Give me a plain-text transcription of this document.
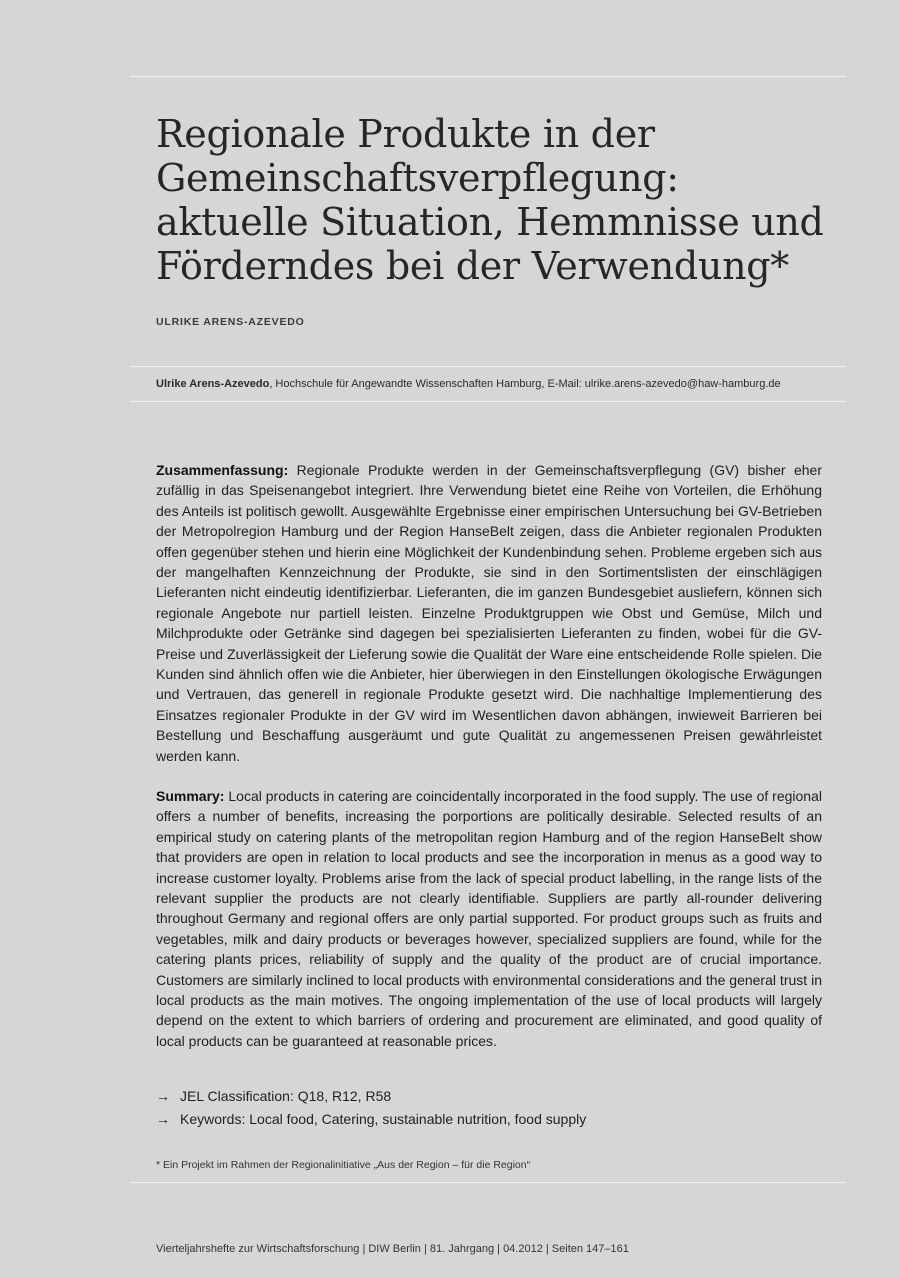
Regionale Produkte in der
Gemeinschaftsverpflegung:
aktuelle Situation, Hemmnisse und
Förderndes bei der Verwendung*
ULRIKE ARENS-AZEVEDO
Ulrike Arens-Azevedo, Hochschule für Angewandte Wissenschaften Hamburg, E-Mail: ulrike.arens-azevedo@haw-hamburg.de

Zusammenfassung: Regionale Produkte werden in der Gemeinschaftsverpflegung (GV) bisher eher zufällig in das Speisenangebot integriert. Ihre Verwendung bietet eine Reihe von Vorteilen, die Erhöhung des Anteils ist politisch gewollt. Ausgewählte Ergebnisse einer empirischen Untersuchung bei GV-Betrieben der Metropolregion Hamburg und der Region HanseBelt zeigen, dass die Anbieter regionalen Produkten offen gegenüber stehen und hierin eine Möglichkeit der Kundenbindung sehen. Probleme ergeben sich aus der mangelhaften Kennzeichnung der Produkte, sie sind in den Sortimentslisten der einschlägigen Lieferanten nicht eindeutig identifizierbar. Lieferanten, die im ganzen Bundesgebiet ausliefern, können sich regionale Angebote nur partiell leisten. Einzelne Produktgruppen wie Obst und Gemüse, Milch und Milchprodukte oder Getränke sind dagegen bei spezialisierten Lieferanten zu finden, wobei für die GV-Preise und Zuverlässigkeit der Lieferung sowie die Qualität der Ware eine entscheidende Rolle spielen. Die Kunden sind ähnlich offen wie die Anbieter, hier überwiegen in den Einstellungen ökologische Erwägungen und Vertrauen, das generell in regionale Produkte gesetzt wird. Die nachhaltige Implementierung des Einsatzes regionaler Produkte in der GV wird im Wesentlichen davon abhängen, inwieweit Barrieren bei Bestellung und Beschaffung ausgeräumt und gute Qualität zu angemessenen Preisen gewährleistet werden kann.

Summary: Local products in catering are coincidentally incorporated in the food supply. The use of regional offers a number of benefits, increasing the porportions are politically desirable. Selected results of an empirical study on catering plants of the metropolitan region Hamburg and of the region HanseBelt show that providers are open in relation to local products and see the incorporation in menus as a good way to increase customer loyalty. Problems arise from the lack of special product labelling, in the range lists of the relevant supplier the products are not clearly identifiable. Suppliers are partly all-rounder delivering throughout Germany and regional offers are only partial supported. For product groups such as fruits and vegetables, milk and dairy products or beverages however, specialized suppliers are found, while for the catering plants prices, reliability of supply and the quality of the product are of crucial importance. Customers are similarly inclined to local products with environmental considerations and the general trust in local products as the main motives. The ongoing implementation of the use of local products will largely depend on the extent to which barriers of ordering and procurement are eliminated, and good quality of local products can be guaranteed at reasonable prices.

→ JEL Classification: Q18, R12, R58
→ Keywords: Local food, Catering, sustainable nutrition, food supply
* Ein Projekt im Rahmen der Regionalinitiative „Aus der Region – für die Region“
Vierteljahrshefte zur Wirtschaftsforschung | DIW Berlin | 81. Jahrgang | 04.2012 | Seiten 147–161
